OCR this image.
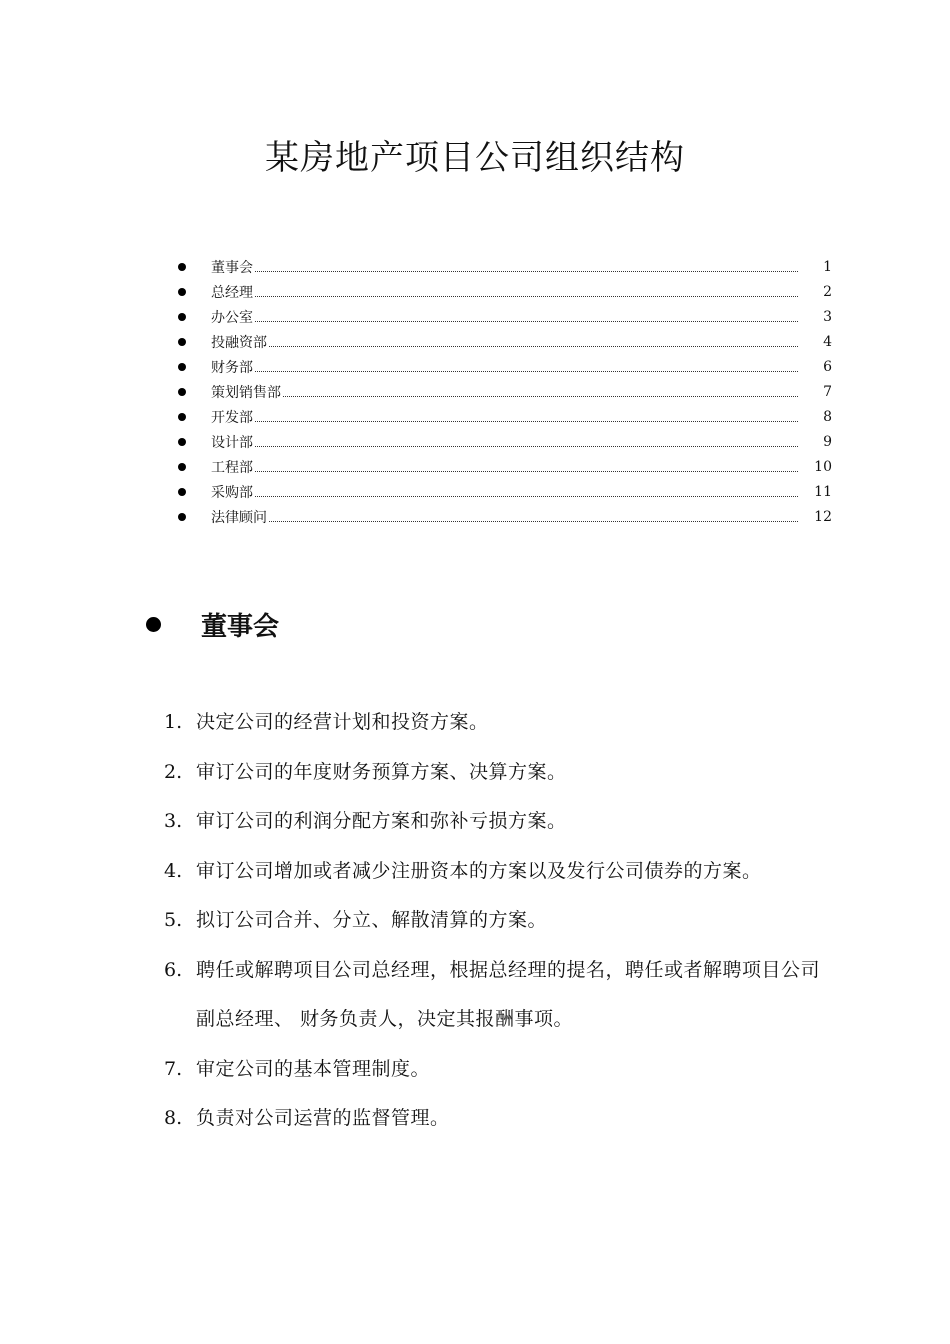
某房地产项目公司组织结构
董事会	1
总经理	2
办公室	3
投融资部	4
财务部	6
策划销售部	7
开发部	8
设计部	9
工程部	10
采购部	11
法律顾问	12
董事会
1. 决定公司的经营计划和投资方案。
2. 审订公司的年度财务预算方案、决算方案。
3. 审订公司的利润分配方案和弥补亏损方案。
4. 审订公司增加或者减少注册资本的方案以及发行公司债券的方案。
5. 拟订公司合并、分立、解散清算的方案。
6. 聘任或解聘项目公司总经理，根据总经理的提名，聘任或者解聘项目公司副总经理、 财务负责人，决定其报酬事项。
7. 审定公司的基本管理制度。
8. 负责对公司运营的监督管理。
